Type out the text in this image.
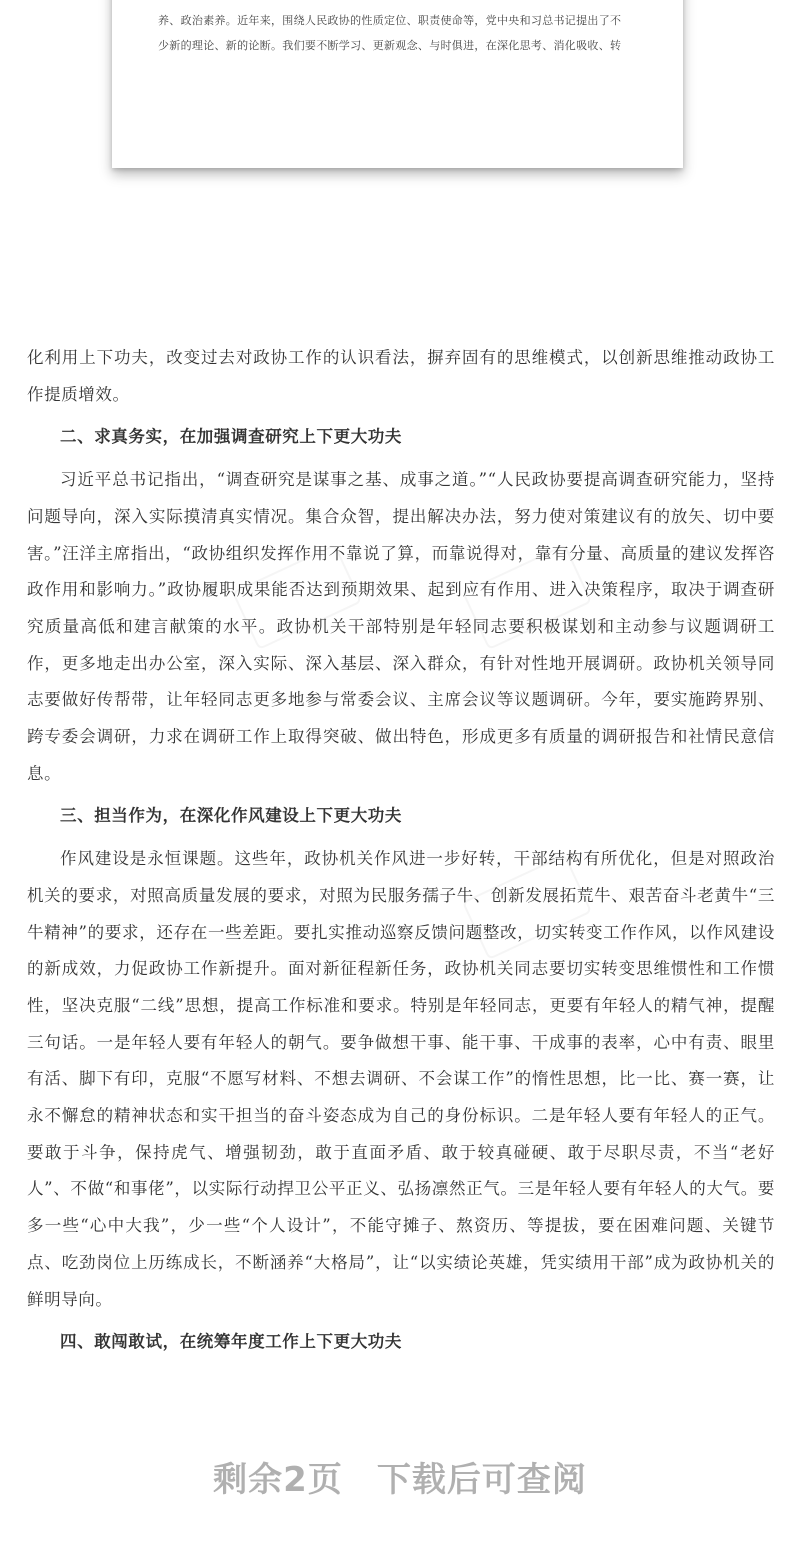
养、政治素养。近年来，围绕人民政协的性质定位、职责使命等，党中央和习总书记提出了不
少新的理论、新的论断。我们要不断学习、更新观念、与时俱进，在深化思考、消化吸收、转

化利用上下功夫，改变过去对政协工作的认识看法，摒弃固有的思维模式，以创新思维推动政协工作提质增效。

二、求真务实，在加强调查研究上下更大功夫

习近平总书记指出，“调查研究是谋事之基、成事之道。”“人民政协要提高调查研究能力，坚持问题导向，深入实际摸清真实情况。集合众智，提出解决办法，努力使对策建议有的放矢、切中要害。”汪洋主席指出，“政协组织发挥作用不靠说了算，而靠说得对，靠有分量、高质量的建议发挥咨政作用和影响力。”政协履职成果能否达到预期效果、起到应有作用、进入决策程序，取决于调查研究质量高低和建言献策的水平。政协机关干部特别是年轻同志要积极谋划和主动参与议题调研工作，更多地走出办公室，深入实际、深入基层、深入群众，有针对性地开展调研。政协机关领导同志要做好传帮带，让年轻同志更多地参与常委会议、主席会议等议题调研。今年，要实施跨界别、跨专委会调研，力求在调研工作上取得突破、做出特色，形成更多有质量的调研报告和社情民意信息。

三、担当作为，在深化作风建设上下更大功夫

作风建设是永恒课题。这些年，政协机关作风进一步好转，干部结构有所优化，但是对照政治机关的要求，对照高质量发展的要求，对照为民服务孺子牛、创新发展拓荒牛、艰苦奋斗老黄牛“三牛精神”的要求，还存在一些差距。要扎实推动巡察反馈问题整改，切实转变工作作风，以作风建设的新成效，力促政协工作新提升。面对新征程新任务，政协机关同志要切实转变思维惯性和工作惯性，坚决克服“二线”思想，提高工作标准和要求。特别是年轻同志，更要有年轻人的精气神，提醒三句话。一是年轻人要有年轻人的朝气。要争做想干事、能干事、干成事的表率，心中有责、眼里有活、脚下有印，克服“不愿写材料、不想去调研、不会谋工作”的惰性思想，比一比、赛一赛，让永不懈怠的精神状态和实干担当的奋斗姿态成为自己的身份标识。二是年轻人要有年轻人的正气。要敢于斗争，保持虎气、增强韧劲，敢于直面矛盾、敢于较真碰硬、敢于尽职尽责，不当“老好人”、不做“和事佬”，以实际行动捍卫公平正义、弘扬凛然正气。三是年轻人要有年轻人的大气。要多一些“心中大我”，少一些“个人设计”，不能守摊子、熬资历、等提拔，要在困难问题、关键节点、吃劲岗位上历练成长，不断涵养“大格局”，让“以实绩论英雄，凭实绩用干部”成为政协机关的鲜明导向。

四、敢闯敢试，在统筹年度工作上下更大功夫

剩余2页 下载后可查阅
